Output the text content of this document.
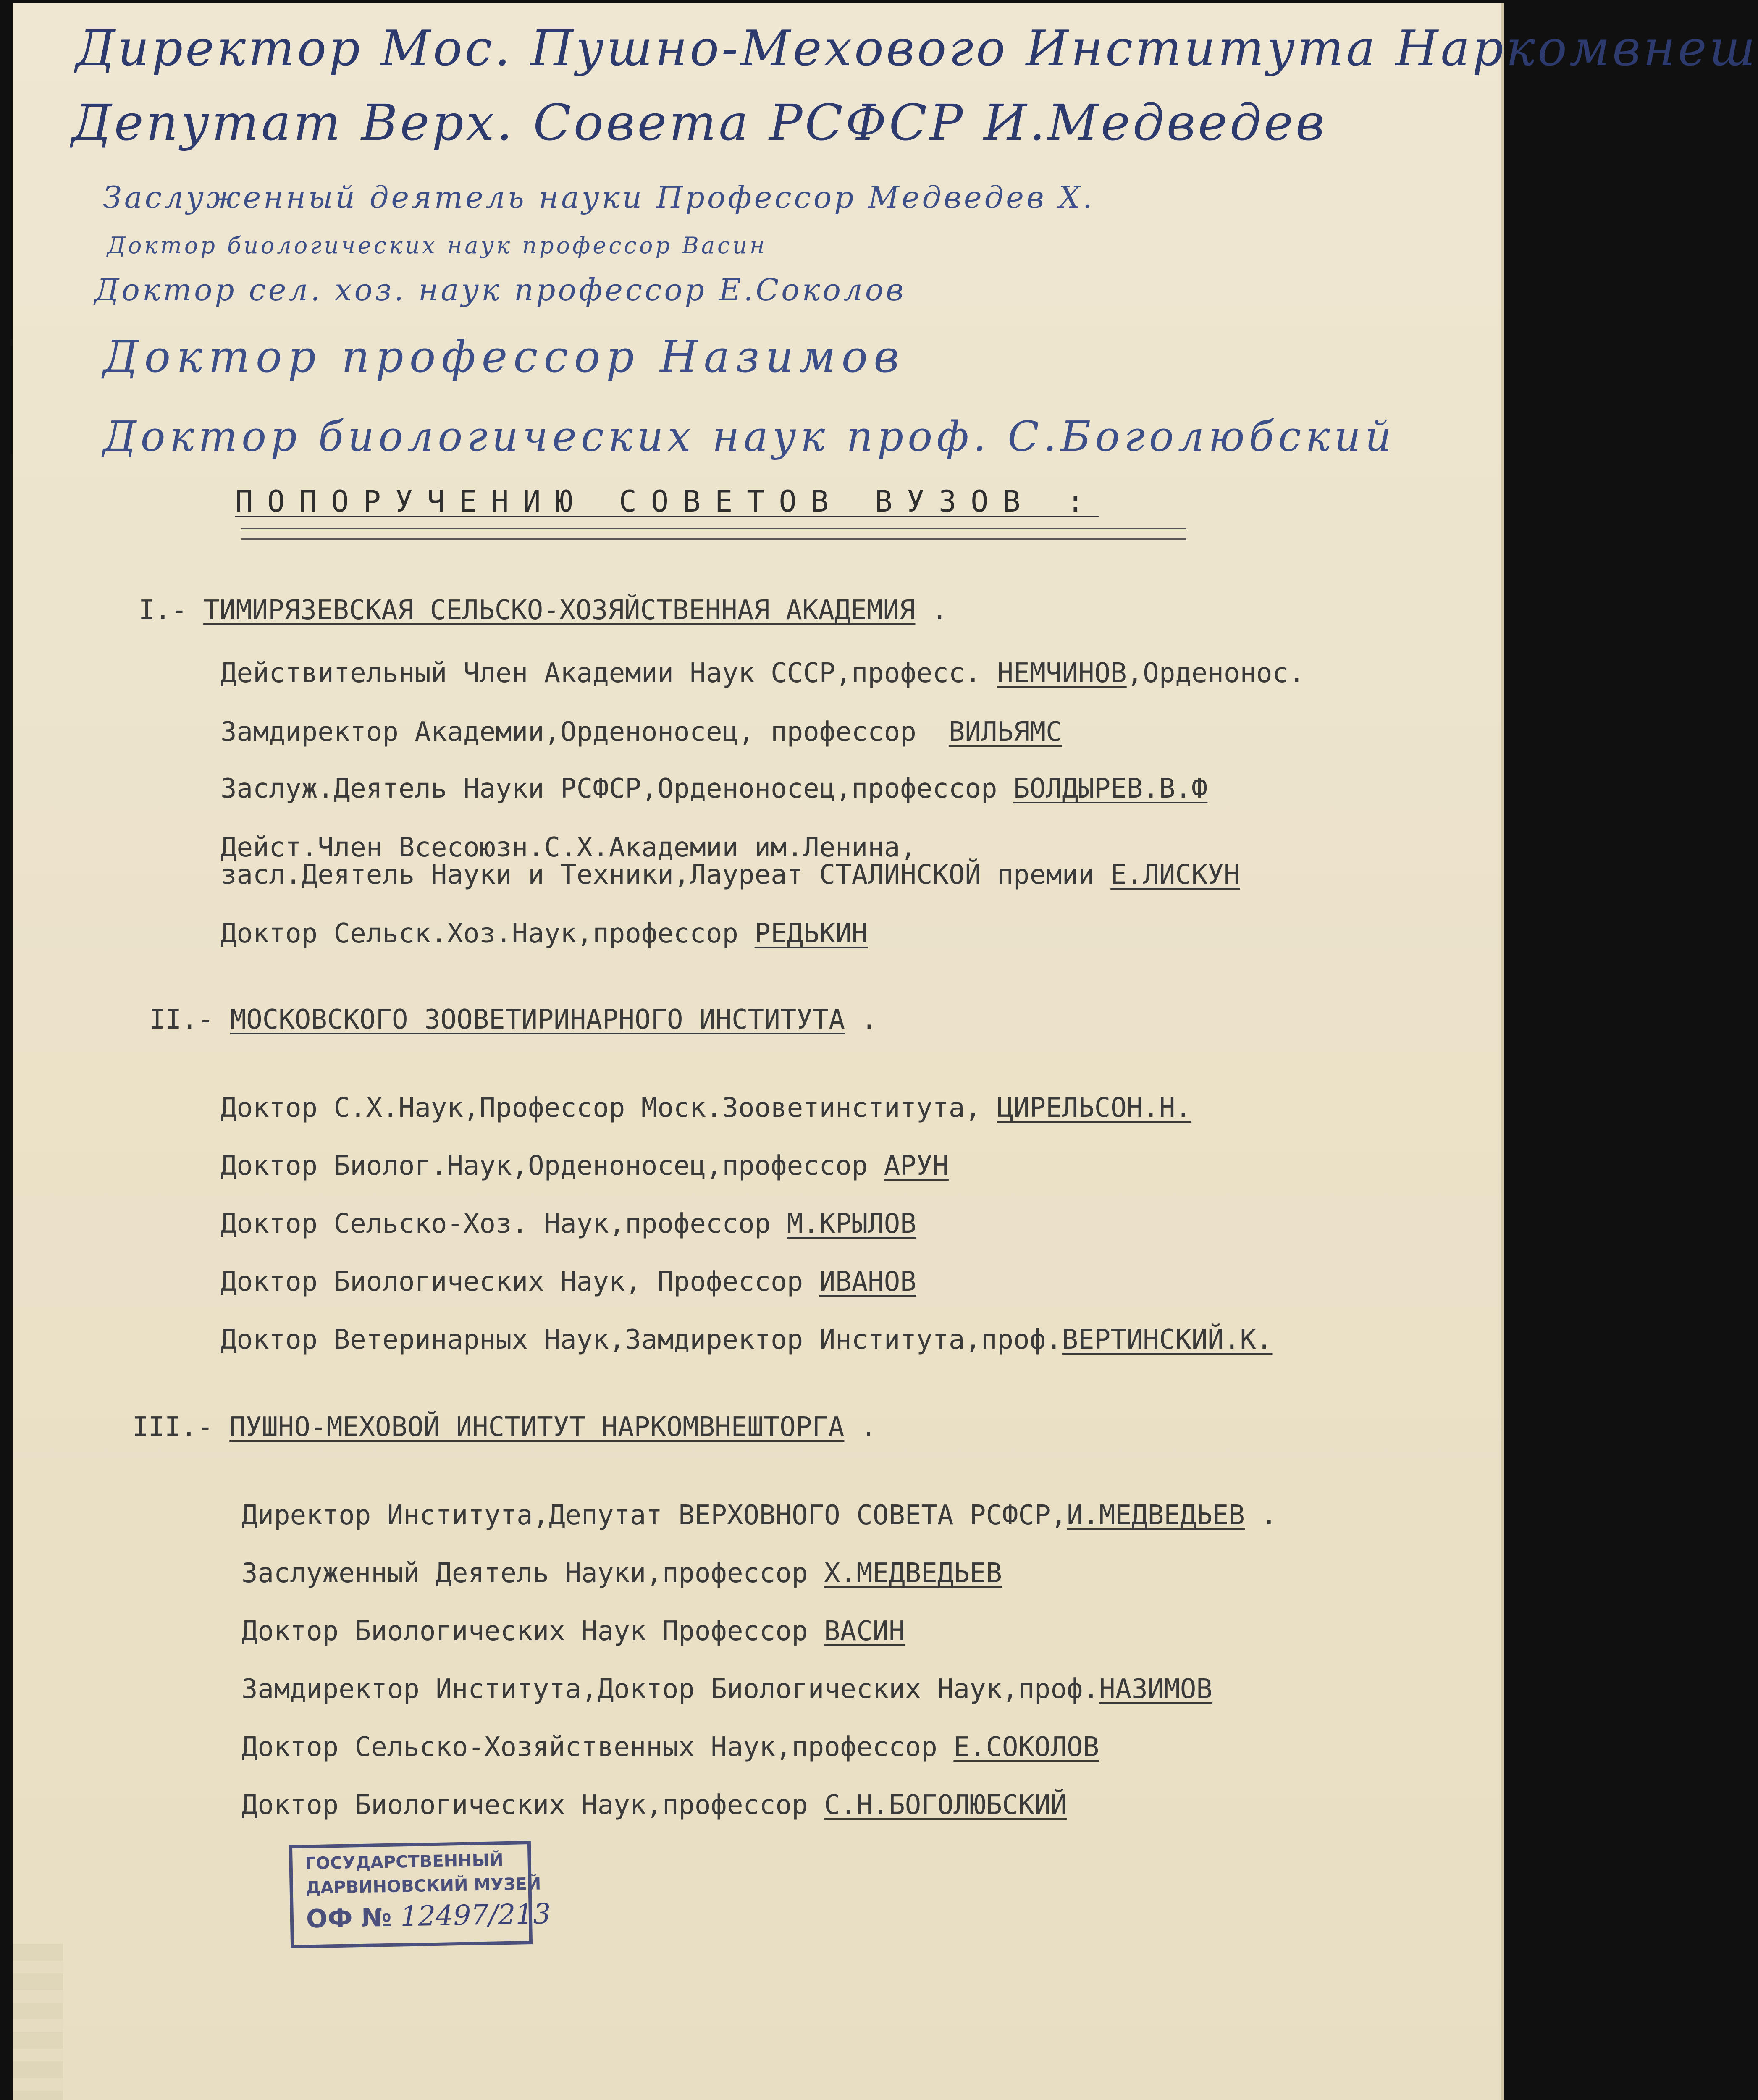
Директор Мос. Пушно-Мехового Института Наркомвнеш
Депутат Верх. Совета РСФСР И.Медведев
Заслуженный деятель науки Профессор Медведев Х.
Доктор биологических наук профессор Васин
Доктор сел. хоз. наук профессор Е.Соколов
Доктор профессор Назимов
Доктор биологических наук проф. С.Боголюбский
ПОПОРУЧЕНИЮ СОВЕТОВ ВУЗОВ :
I.- ТИМИРЯЗЕВСКАЯ СЕЛЬСКО-ХОЗЯЙСТВЕННАЯ АКАДЕМИЯ .
Действительный Член Академии Наук СССР,професс. НЕМЧИНОВ,Орденонос.
Замдиректор Академии,Орденоносец, профессор  ВИЛЬЯМС
Заслуж.Деятель Науки РСФСР,Орденоносец,профессор БОЛДЫРЕВ.В.Ф
Дейст.Член Всесоюзн.С.Х.Академии им.Ленина,
засл.Деятель Науки и Техники,Лауреат СТАЛИНСКОЙ премии Е.ЛИСКУН
Доктор Сельск.Хоз.Наук,профессор РЕДЬКИН
II.- МОСКОВСКОГО ЗООВЕТИРИНАРНОГО ИНСТИТУТА .
Доктор С.Х.Наук,Профессор Моск.Зооветинститута, ЦИРЕЛЬСОН.Н.
Доктор Биолог.Наук,Орденоносец,профессор АРУН
Доктор Сельско-Хоз. Наук,профессор М.КРЫЛОВ
Доктор Биологических Наук, Профессор ИВАНОВ
Доктор Ветеринарных Наук,Замдиректор Института,проф.ВЕРТИНСКИЙ.К.
III.- ПУШНО-МЕХОВОЙ ИНСТИТУТ НАРКОМВНЕШТОРГА .
Директор Института,Депутат ВЕРХОВНОГО СОВЕТА РСФСР,И.МЕДВЕДЬЕВ .
Заслуженный Деятель Науки,профессор Х.МЕДВЕДЬЕВ
Доктор Биологических Наук Профессор ВАСИН
Замдиректор Института,Доктор Биологических Наук,проф.НАЗИМОВ
Доктор Сельско-Хозяйственных Наук,профессор Е.СОКОЛОВ
Доктор Биологических Наук,профессор С.Н.БОГОЛЮБСКИЙ
ГОСУДАРСТВЕННЫЙ
ДАРВИНОВСКИЙ МУЗЕЙ
ОФ № 12497/213
